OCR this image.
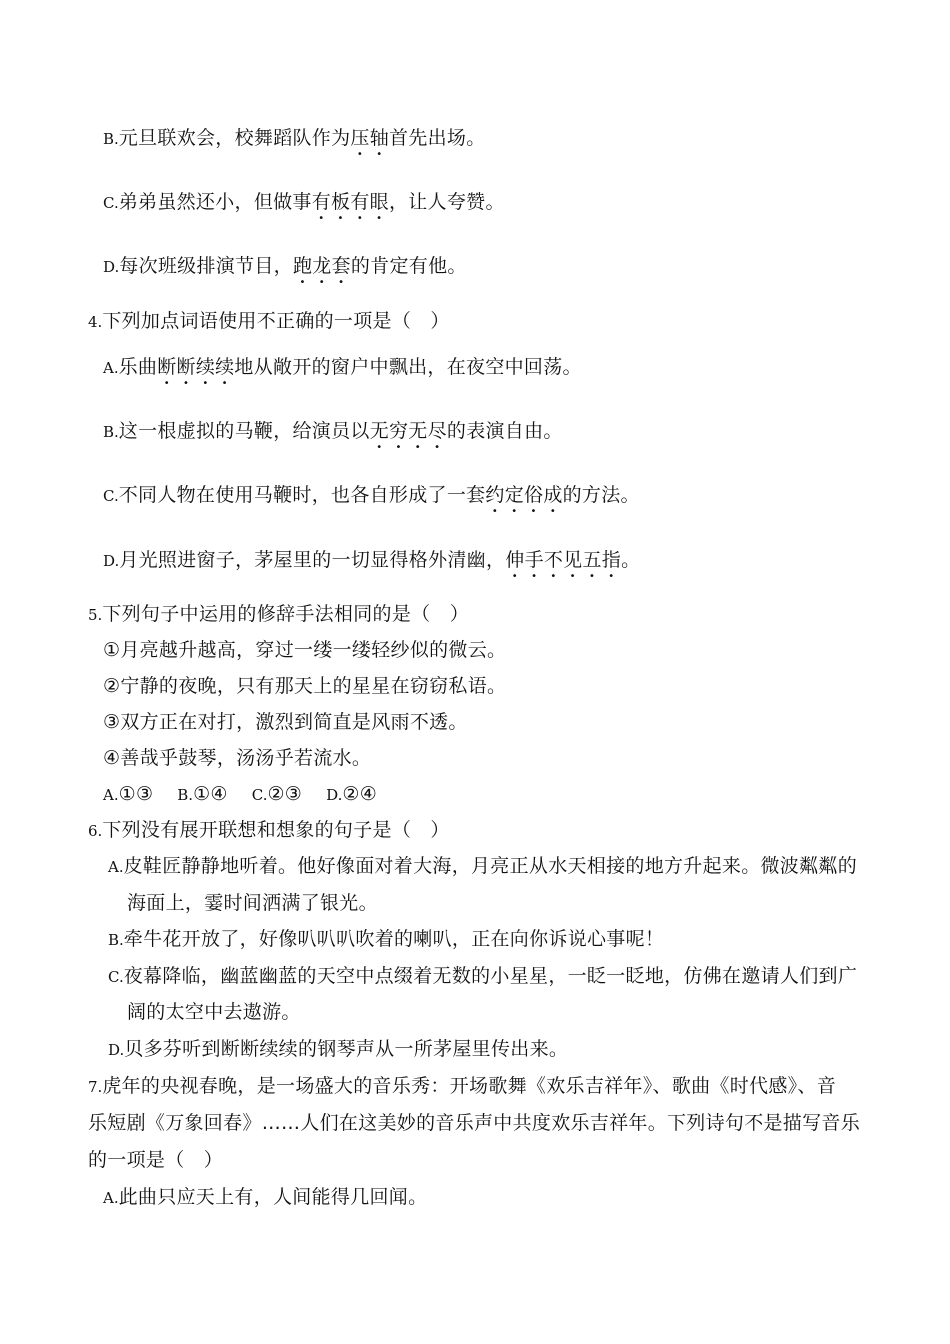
B.元旦联欢会，校舞蹈队作为压轴首先出场。
C.弟弟虽然还小，但做事有板有眼，让人夸赞。
D.每次班级排演节目，跑龙套的肯定有他。
4.下列加点词语使用不正确的一项是（　）
A.乐曲断断续续地从敞开的窗户中飘出，在夜空中回荡。
B.这一根虚拟的马鞭，给演员以无穷无尽的表演自由。
C.不同人物在使用马鞭时，也各自形成了一套约定俗成的方法。
D.月光照进窗子，茅屋里的一切显得格外清幽，伸手不见五指。
5.下列句子中运用的修辞手法相同的是（　）
①月亮越升越高，穿过一缕一缕轻纱似的微云。
②宁静的夜晚，只有那天上的星星在窃窃私语。
③双方正在对打，激烈到简直是风雨不透。
④善哉乎鼓琴，汤汤乎若流水。
A.①③ B.①④ C.②③ D.②④
6.下列没有展开联想和想象的句子是（　）
A.皮鞋匠静静地听着。他好像面对着大海，月亮正从水天相接的地方升起来。微波粼粼的
海面上，霎时间洒满了银光。
B.牵牛花开放了，好像叭叭叭吹着的喇叭，正在向你诉说心事呢！
C.夜幕降临，幽蓝幽蓝的天空中点缀着无数的小星星，一眨一眨地，仿佛在邀请人们到广
阔的太空中去遨游。
D.贝多芬听到断断续续的钢琴声从一所茅屋里传出来。
7.虎年的央视春晚，是一场盛大的音乐秀：开场歌舞《欢乐吉祥年》、歌曲《时代感》、音
乐短剧《万象回春》……人们在这美妙的音乐声中共度欢乐吉祥年。下列诗句不是描写音乐
的一项是（　）
A.此曲只应天上有，人间能得几回闻。
